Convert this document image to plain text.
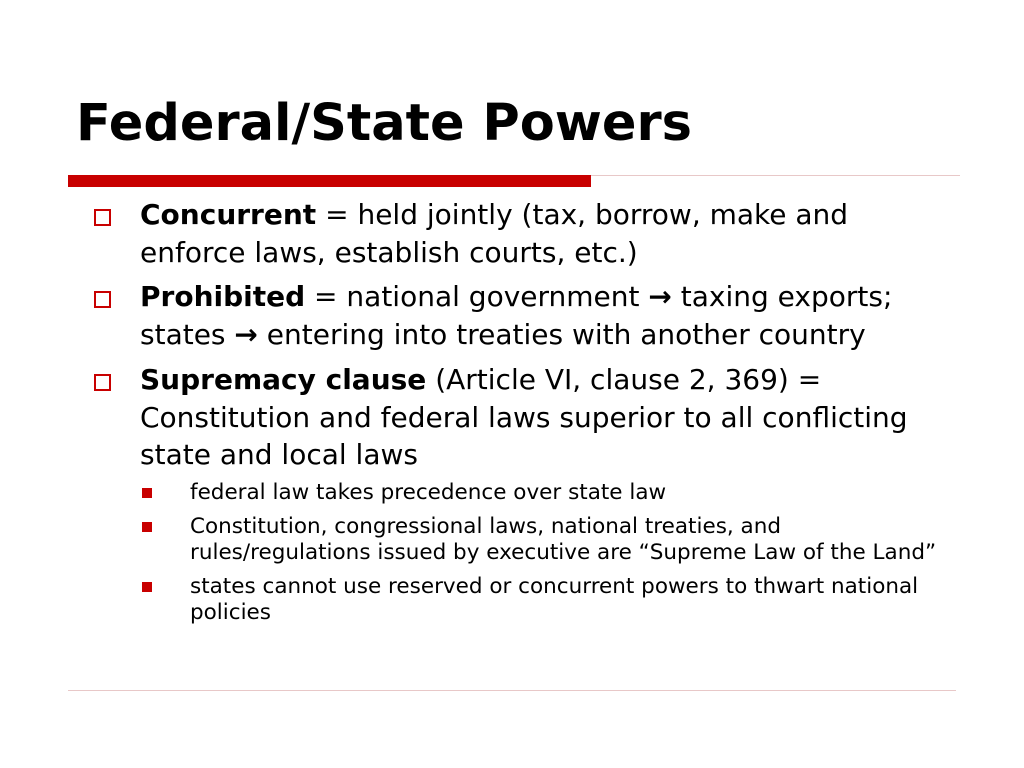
Federal/State Powers
Concurrent = held jointly (tax, borrow, make and enforce laws, establish courts, etc.)
Prohibited = national government → taxing exports; states → entering into treaties with another country
Supremacy clause (Article VI, clause 2, 369) = Constitution and federal laws superior to all conflicting state and local laws
federal law takes precedence over state law
Constitution, congressional laws, national treaties, and rules/regulations issued by executive are “Supreme Law of the Land”
states cannot use reserved or concurrent powers to thwart national policies
